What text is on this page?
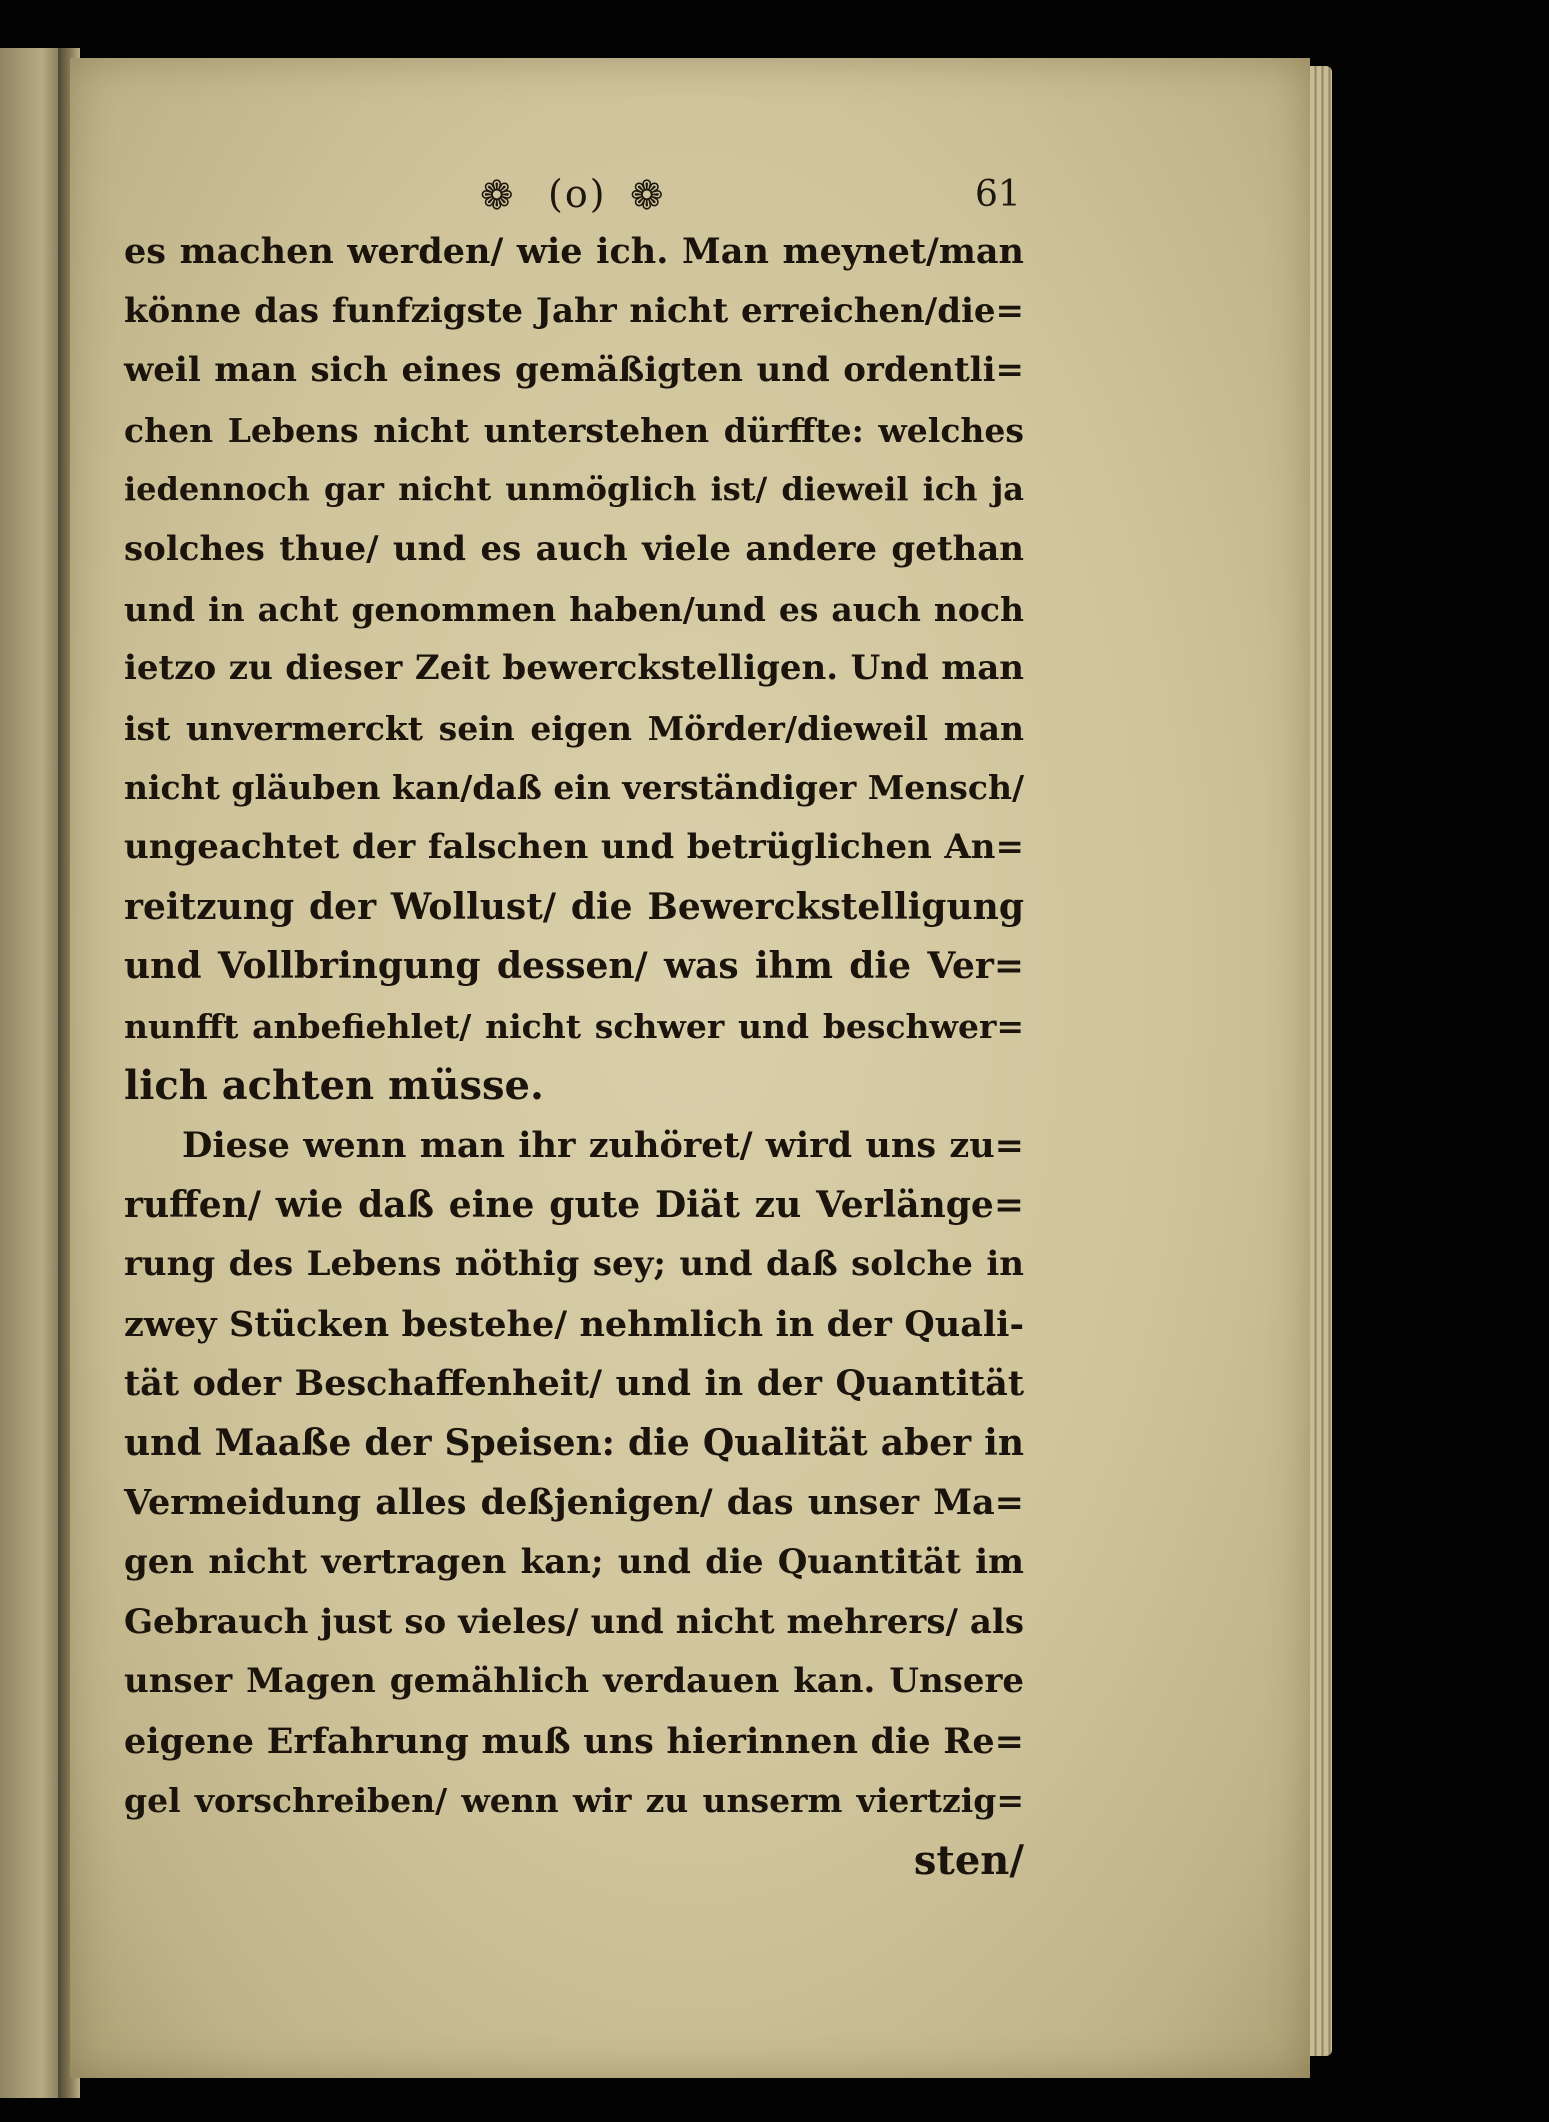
❁ (o) ❁	61
es machen werden/ wie ich. Man meynet/man
könne das funfzigste Jahr nicht erreichen/die=
weil man sich eines gemäßigten und ordentli=
chen Lebens nicht unterstehen dürffte: welches
iedennoch gar nicht unmöglich ist/ dieweil ich ja
solches thue/ und es auch viele andere gethan
und in acht genommen haben/und es auch noch
ietzo zu dieser Zeit bewerckstelligen. Und man
ist unvermerckt sein eigen Mörder/dieweil man
nicht gläuben kan/daß ein verständiger Mensch/
ungeachtet der falschen und betrüglichen An=
reitzung der Wollust/ die Bewerckstelligung
und Vollbringung dessen/ was ihm die Ver=
nunfft anbefiehlet/ nicht schwer und beschwer=
lich achten müsse.
Diese wenn man ihr zuhöret/ wird uns zu=
ruffen/ wie daß eine gute Diät zu Verlänge=
rung des Lebens nöthig sey; und daß solche in
zwey Stücken bestehe/ nehmlich in der Quali-
tät oder Beschaffenheit/ und in der Quantität
und Maaße der Speisen: die Qualität aber in
Vermeidung alles deßjenigen/ das unser Ma=
gen nicht vertragen kan; und die Quantität im
Gebrauch just so vieles/ und nicht mehrers/ als
unser Magen gemählich verdauen kan. Unsere
eigene Erfahrung muß uns hierinnen die Re=
gel vorschreiben/ wenn wir zu unserm viertzig=
sten/
